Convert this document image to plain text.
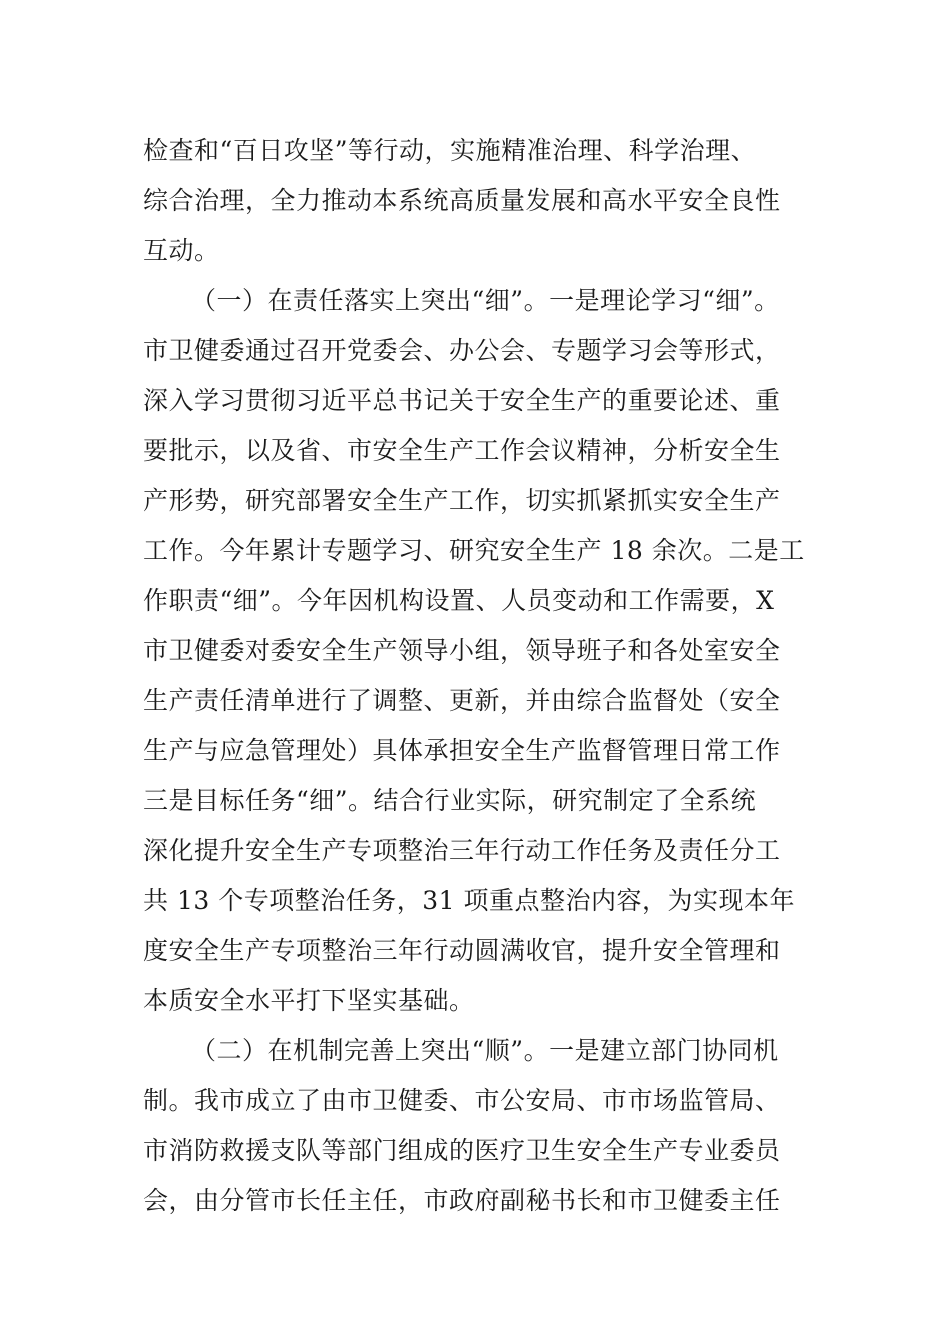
检查和“百日攻坚”等行动，实施精准治理、科学治理、
综合治理，全力推动本系统高质量发展和高水平安全良性
互动。
（一）在责任落实上突出“细”。一是理论学习“细”。
市卫健委通过召开党委会、办公会、专题学习会等形式，
深入学习贯彻习近平总书记关于安全生产的重要论述、重
要批示，以及省、市安全生产工作会议精神，分析安全生
产形势，研究部署安全生产工作，切实抓紧抓实安全生产
工作。今年累计专题学习、研究安全生产 18 余次。二是工
作职责“细”。今年因机构设置、人员变动和工作需要，X
市卫健委对委安全生产领导小组，领导班子和各处室安全
生产责任清单进行了调整、更新，并由综合监督处（安全
生产与应急管理处）具体承担安全生产监督管理日常工作
三是目标任务“细”。结合行业实际，研究制定了全系统
深化提升安全生产专项整治三年行动工作任务及责任分工
共 13 个专项整治任务，31 项重点整治内容，为实现本年
度安全生产专项整治三年行动圆满收官，提升安全管理和
本质安全水平打下坚实基础。
（二）在机制完善上突出“顺”。一是建立部门协同机
制。我市成立了由市卫健委、市公安局、市市场监管局、
市消防救援支队等部门组成的医疗卫生安全生产专业委员
会，由分管市长任主任，市政府副秘书长和市卫健委主任
